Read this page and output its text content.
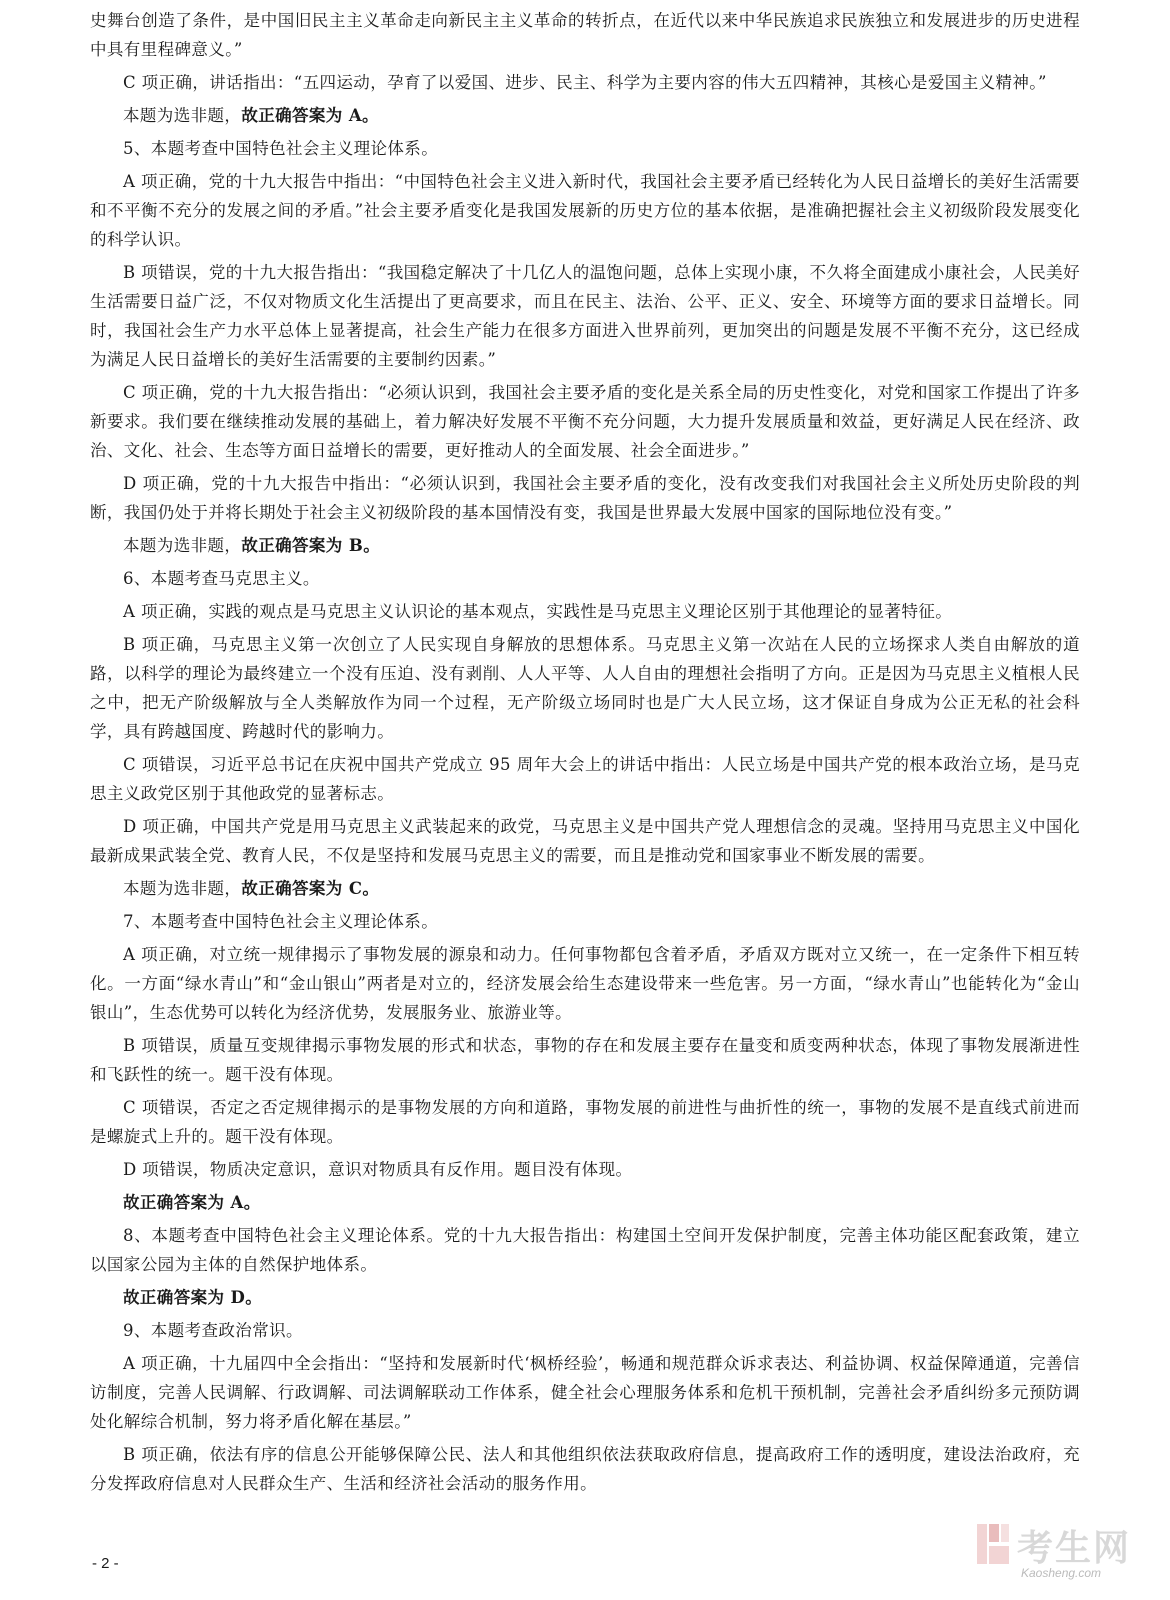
史舞台创造了条件，是中国旧民主主义革命走向新民主主义革命的转折点，在近代以来中华民族追求民族独立和发展进步的历史进程中具有里程碑意义。”

C 项正确，讲话指出：“五四运动，孕育了以爱国、进步、民主、科学为主要内容的伟大五四精神，其核心是爱国主义精神。”

本题为选非题，故正确答案为 A。

5、本题考查中国特色社会主义理论体系。

A 项正确，党的十九大报告中指出：“中国特色社会主义进入新时代，我国社会主要矛盾已经转化为人民日益增长的美好生活需要和不平衡不充分的发展之间的矛盾。”社会主要矛盾变化是我国发展新的历史方位的基本依据，是准确把握社会主义初级阶段发展变化的科学认识。

B 项错误，党的十九大报告指出：“我国稳定解决了十几亿人的温饱问题，总体上实现小康，不久将全面建成小康社会，人民美好生活需要日益广泛，不仅对物质文化生活提出了更高要求，而且在民主、法治、公平、正义、安全、环境等方面的要求日益增长。同时，我国社会生产力水平总体上显著提高，社会生产能力在很多方面进入世界前列，更加突出的问题是发展不平衡不充分，这已经成为满足人民日益增长的美好生活需要的主要制约因素。”

C 项正确，党的十九大报告指出：“必须认识到，我国社会主要矛盾的变化是关系全局的历史性变化，对党和国家工作提出了许多新要求。我们要在继续推动发展的基础上，着力解决好发展不平衡不充分问题，大力提升发展质量和效益，更好满足人民在经济、政治、文化、社会、生态等方面日益增长的需要，更好推动人的全面发展、社会全面进步。”

D 项正确，党的十九大报告中指出：“必须认识到，我国社会主要矛盾的变化，没有改变我们对我国社会主义所处历史阶段的判断，我国仍处于并将长期处于社会主义初级阶段的基本国情没有变，我国是世界最大发展中国家的国际地位没有变。”

本题为选非题，故正确答案为 B。

6、本题考查马克思主义。

A 项正确，实践的观点是马克思主义认识论的基本观点，实践性是马克思主义理论区别于其他理论的显著特征。

B 项正确，马克思主义第一次创立了人民实现自身解放的思想体系。马克思主义第一次站在人民的立场探求人类自由解放的道路，以科学的理论为最终建立一个没有压迫、没有剥削、人人平等、人人自由的理想社会指明了方向。正是因为马克思主义植根人民之中，把无产阶级解放与全人类解放作为同一个过程，无产阶级立场同时也是广大人民立场，这才保证自身成为公正无私的社会科学，具有跨越国度、跨越时代的影响力。

C 项错误，习近平总书记在庆祝中国共产党成立 95 周年大会上的讲话中指出：人民立场是中国共产党的根本政治立场，是马克思主义政党区别于其他政党的显著标志。

D 项正确，中国共产党是用马克思主义武装起来的政党，马克思主义是中国共产党人理想信念的灵魂。坚持用马克思主义中国化最新成果武装全党、教育人民，不仅是坚持和发展马克思主义的需要，而且是推动党和国家事业不断发展的需要。

本题为选非题，故正确答案为 C。

7、本题考查中国特色社会主义理论体系。

A 项正确，对立统一规律揭示了事物发展的源泉和动力。任何事物都包含着矛盾，矛盾双方既对立又统一，在一定条件下相互转化。一方面“绿水青山”和“金山银山”两者是对立的，经济发展会给生态建设带来一些危害。另一方面，“绿水青山”也能转化为“金山银山”，生态优势可以转化为经济优势，发展服务业、旅游业等。

B 项错误，质量互变规律揭示事物发展的形式和状态，事物的存在和发展主要存在量变和质变两种状态，体现了事物发展渐进性和飞跃性的统一。题干没有体现。

C 项错误，否定之否定规律揭示的是事物发展的方向和道路，事物发展的前进性与曲折性的统一，事物的发展不是直线式前进而是螺旋式上升的。题干没有体现。

D 项错误，物质决定意识，意识对物质具有反作用。题目没有体现。

故正确答案为 A。

8、本题考查中国特色社会主义理论体系。党的十九大报告指出：构建国土空间开发保护制度，完善主体功能区配套政策，建立以国家公园为主体的自然保护地体系。

故正确答案为 D。

9、本题考查政治常识。

A 项正确，十九届四中全会指出：“坚持和发展新时代‘枫桥经验’，畅通和规范群众诉求表达、利益协调、权益保障通道，完善信访制度，完善人民调解、行政调解、司法调解联动工作体系，健全社会心理服务体系和危机干预机制，完善社会矛盾纠纷多元预防调处化解综合机制，努力将矛盾化解在基层。”

B 项正确，依法有序的信息公开能够保障公民、法人和其他组织依法获取政府信息，提高政府工作的透明度，建设法治政府，充分发挥政府信息对人民群众生产、生活和经济社会活动的服务作用。

- 2 -	考生网
Kaosheng.com
